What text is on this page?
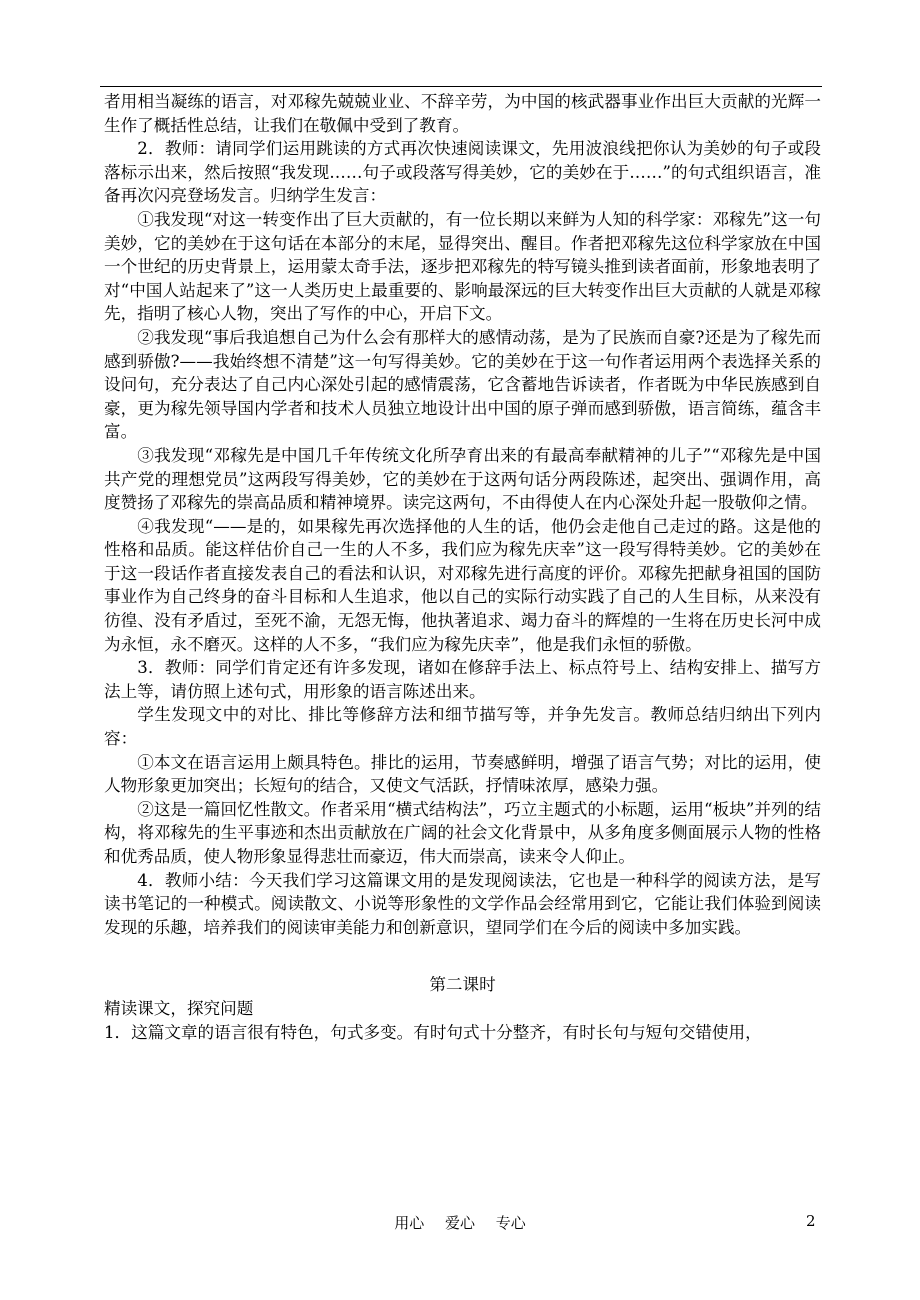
者用相当凝练的语言，对邓稼先兢兢业业、不辞辛劳，为中国的核武器事业作出巨大贡献的光辉一生作了概括性总结，让我们在敬佩中受到了教育。

2．教师：请同学们运用跳读的方式再次快速阅读课文，先用波浪线把你认为美妙的句子或段落标示出来，然后按照“我发现……句子或段落写得美妙，它的美妙在于……”的句式组织语言，准备再次闪亮登场发言。归纳学生发言：

①我发现“对这一转变作出了巨大贡献的，有一位长期以来鲜为人知的科学家：邓稼先”这一句美妙，它的美妙在于这句话在本部分的末尾，显得突出、醒目。作者把邓稼先这位科学家放在中国一个世纪的历史背景上，运用蒙太奇手法，逐步把邓稼先的特写镜头推到读者面前，形象地表明了对“中国人站起来了”这一人类历史上最重要的、影响最深远的巨大转变作出巨大贡献的人就是邓稼先，指明了核心人物，突出了写作的中心，开启下文。

②我发现“事后我追想自己为什么会有那样大的感情动荡，是为了民族而自豪?还是为了稼先而感到骄傲?——我始终想不清楚”这一句写得美妙。它的美妙在于这一句作者运用两个表选择关系的设问句，充分表达了自己内心深处引起的感情震荡，它含蓄地告诉读者，作者既为中华民族感到自豪，更为稼先领导国内学者和技术人员独立地设计出中国的原子弹而感到骄傲，语言简练，蕴含丰富。

③我发现“邓稼先是中国几千年传统文化所孕育出来的有最高奉献精神的儿子”“邓稼先是中国共产党的理想党员”这两段写得美妙，它的美妙在于这两句话分两段陈述，起突出、强调作用，高度赞扬了邓稼先的崇高品质和精神境界。读完这两句，不由得使人在内心深处升起一股敬仰之情。

④我发现“——是的，如果稼先再次选择他的人生的话，他仍会走他自己走过的路。这是他的性格和品质。能这样估价自己一生的人不多，我们应为稼先庆幸”这一段写得特美妙。它的美妙在于这一段话作者直接发表自己的看法和认识，对邓稼先进行高度的评价。邓稼先把献身祖国的国防事业作为自己终身的奋斗目标和人生追求，他以自己的实际行动实践了自己的人生目标，从来没有彷徨、没有矛盾过，至死不渝，无怨无悔，他执著追求、竭力奋斗的辉煌的一生将在历史长河中成为永恒，永不磨灭。这样的人不多，“我们应为稼先庆幸”，他是我们永恒的骄傲。

3．教师：同学们肯定还有许多发现，诸如在修辞手法上、标点符号上、结构安排上、描写方法上等，请仿照上述句式，用形象的语言陈述出来。

学生发现文中的对比、排比等修辞方法和细节描写等，并争先发言。教师总结归纳出下列内容：

①本文在语言运用上颇具特色。排比的运用，节奏感鲜明，增强了语言气势；对比的运用，使人物形象更加突出；长短句的结合，又使文气活跃，抒情味浓厚，感染力强。

②这是一篇回忆性散文。作者采用“横式结构法”，巧立主题式的小标题，运用“板块”并列的结构，将邓稼先的生平事迹和杰出贡献放在广阔的社会文化背景中，从多角度多侧面展示人物的性格和优秀品质，使人物形象显得悲壮而豪迈，伟大而崇高，读来令人仰止。

4．教师小结：今天我们学习这篇课文用的是发现阅读法，它也是一种科学的阅读方法，是写读书笔记的一种模式。阅读散文、小说等形象性的文学作品会经常用到它，它能让我们体验到阅读发现的乐趣，培养我们的阅读审美能力和创新意识，望同学们在今后的阅读中多加实践。

第二课时

精读课文，探究问题

1．这篇文章的语言很有特色，句式多变。有时句式十分整齐，有时长句与短句交错使用，

用心 爱心 专心	2
